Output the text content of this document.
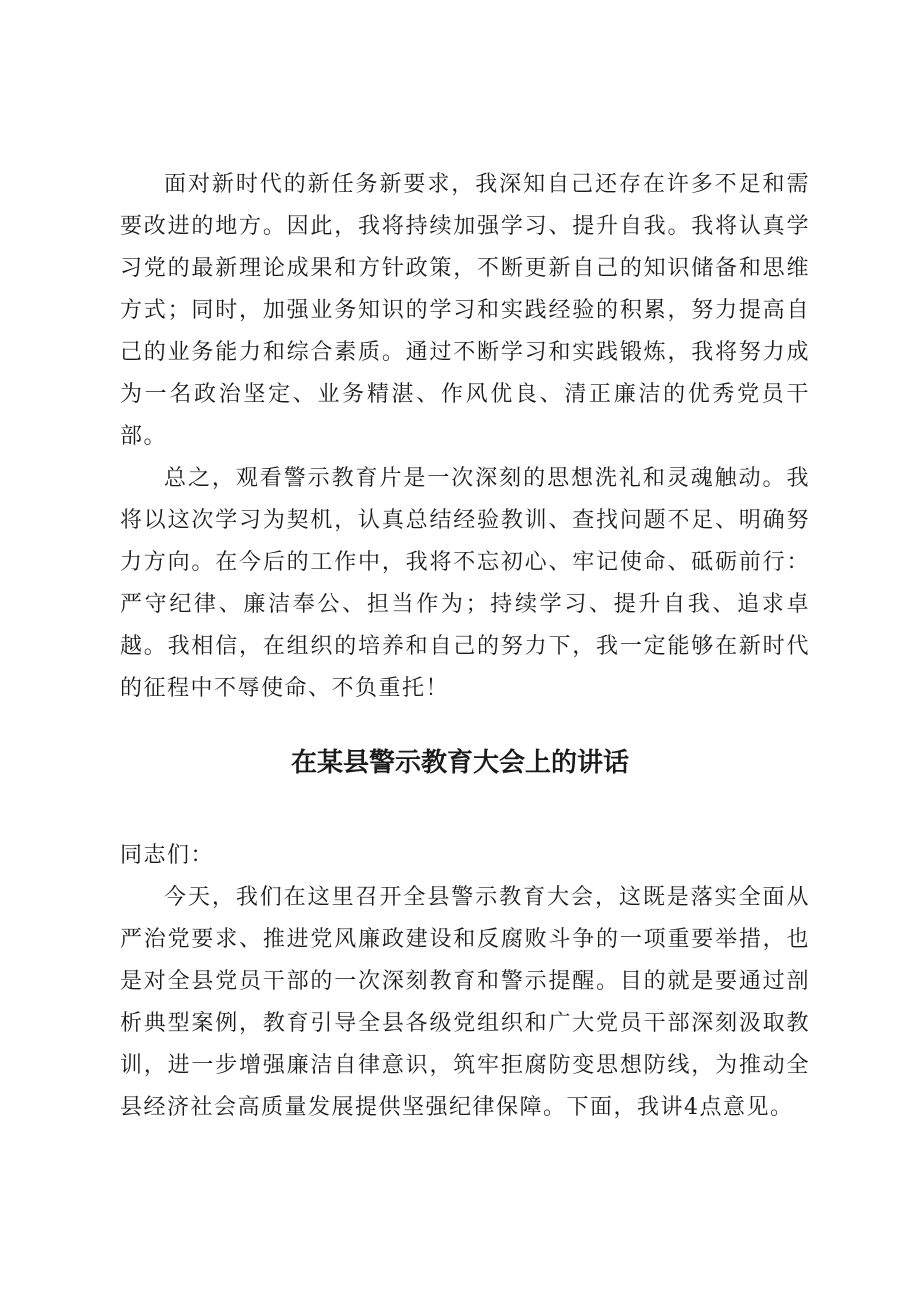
面对新时代的新任务新要求，我深知自己还存在许多不足和需要改进的地方。因此，我将持续加强学习、提升自我。我将认真学习党的最新理论成果和方针政策，不断更新自己的知识储备和思维方式；同时，加强业务知识的学习和实践经验的积累，努力提高自己的业务能力和综合素质。通过不断学习和实践锻炼，我将努力成为一名政治坚定、业务精湛、作风优良、清正廉洁的优秀党员干部。

总之，观看警示教育片是一次深刻的思想洗礼和灵魂触动。我将以这次学习为契机，认真总结经验教训、查找问题不足、明确努力方向。在今后的工作中，我将不忘初心、牢记使命、砥砺前行：严守纪律、廉洁奉公、担当作为；持续学习、提升自我、追求卓越。我相信，在组织的培养和自己的努力下，我一定能够在新时代的征程中不辱使命、不负重托！

在某县警示教育大会上的讲话

同志们：

今天，我们在这里召开全县警示教育大会，这既是落实全面从严治党要求、推进党风廉政建设和反腐败斗争的一项重要举措，也是对全县党员干部的一次深刻教育和警示提醒。目的就是要通过剖析典型案例，教育引导全县各级党组织和广大党员干部深刻汲取教训，进一步增强廉洁自律意识，筑牢拒腐防变思想防线，为推动全县经济社会高质量发展提供坚强纪律保障。下面，我讲4点意见。
